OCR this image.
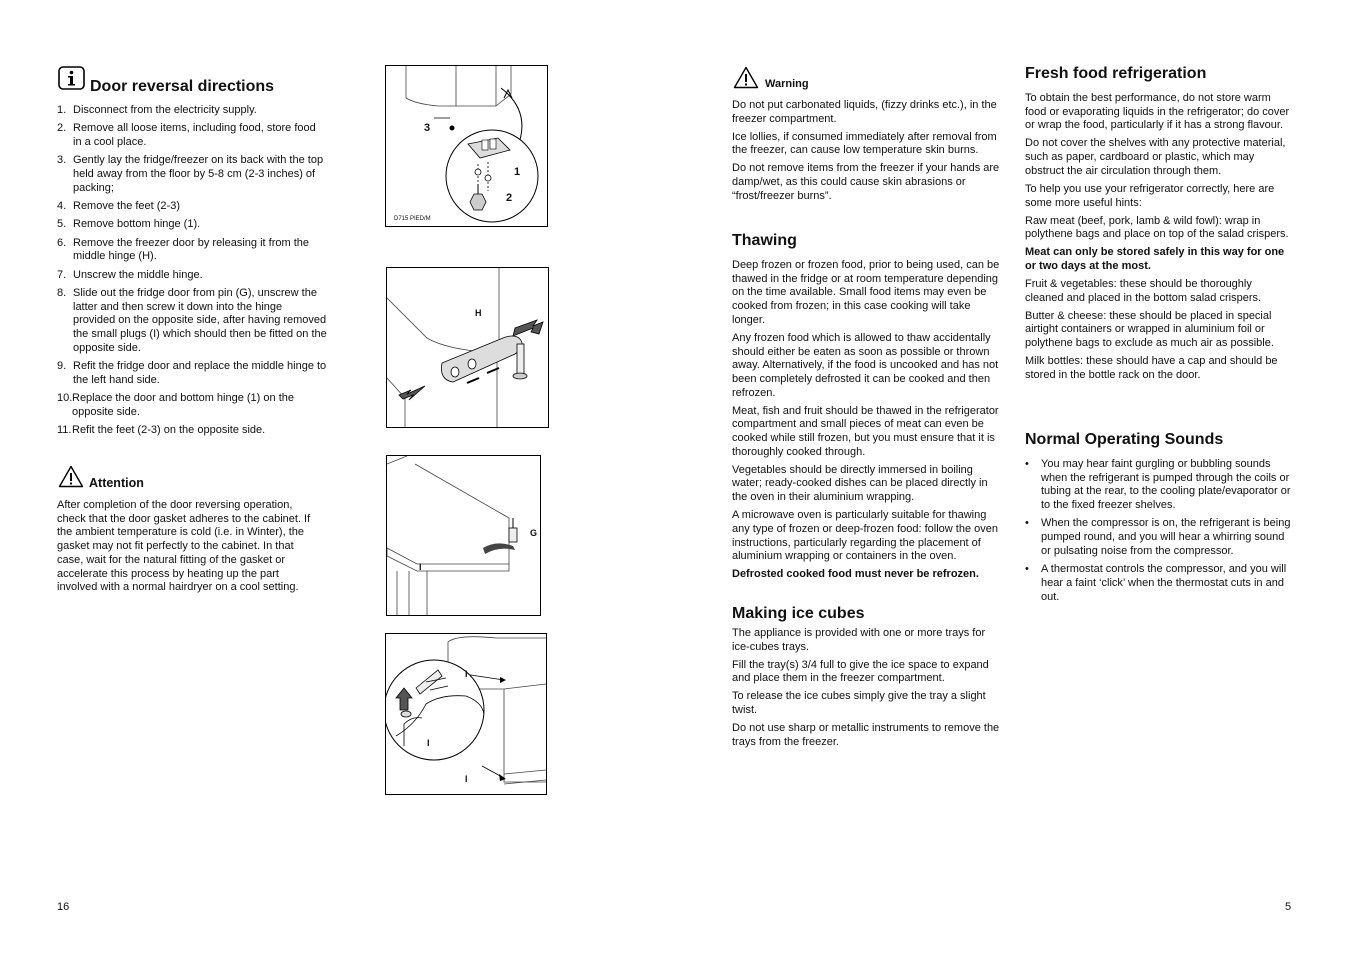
Door reversal directions
1. Disconnect from the electricity supply.
2. Remove all loose items, including food, store food in a cool place.
3. Gently lay the fridge/freezer on its back with the top held away from the floor by 5-8 cm (2-3 inches) of packing;
4. Remove the feet (2-3)
5. Remove bottom hinge (1).
6. Remove the freezer door by releasing it from the middle hinge (H).
7. Unscrew the middle hinge.
8. Slide out the fridge door from pin (G), unscrew the latter and then screw it down into the hinge provided on the opposite side, after having removed the small plugs (I) which should then be fitted on the opposite side.
9. Refit the fridge door and replace the middle hinge to the left hand side.
10. Replace the door and bottom hinge (1) on the opposite side.
11. Refit the feet (2-3) on the opposite side.
Attention

After completion of the door reversing operation, check that the door gasket adheres to the cabinet. If the ambient temperature is cold (i.e. in Winter), the gasket may not fit perfectly to the cabinet. In that case, wait for the natural fitting of the gasket or accelerate this process by heating up the part involved with a normal hairdryer on a cool setting.

3
1
2
D715 PIED/M
H
G
I
I
I
I
16
Warning

Do not put carbonated liquids, (fizzy drinks etc.), in the freezer compartment.

Ice lollies, if consumed immediately after removal from the freezer, can cause low temperature skin burns.

Do not remove items from the freezer if your hands are damp/wet, as this could cause skin abrasions or “frost/freezer burns”.

Thawing

Deep frozen or frozen food, prior to being used, can be thawed in the fridge or at room temperature depending on the time available. Small food items may even be cooked from frozen; in this case cooking will take longer.

Any frozen food which is allowed to thaw accidentally should either be eaten as soon as possible or thrown away. Alternatively, if the food is uncooked and has not been completely defrosted it can be cooked and then refrozen.

Meat, fish and fruit should be thawed in the refrigerator compartment and small pieces of meat can even be cooked while still frozen, but you must ensure that it is thoroughly cooked through.

Vegetables should be directly immersed in boiling water; ready-cooked dishes can be placed directly in the oven in their aluminium wrapping.

A microwave oven is particularly suitable for thawing any type of frozen or deep-frozen food: follow the oven instructions, particularly regarding the placement of aluminium wrapping or containers in the oven.

Defrosted cooked food must never be refrozen.

Making ice cubes

The appliance is provided with one or more trays for ice-cubes trays.

Fill the tray(s) 3/4 full to give the ice space to expand and place them in the freezer compartment.

To release the ice cubes simply give the tray a slight twist.

Do not use sharp or metallic instruments to remove the trays from the freezer.

Fresh food refrigeration

To obtain the best performance, do not store warm food or evaporating liquids in the refrigerator; do cover or wrap the food, particularly if it has a strong flavour.

Do not cover the shelves with any protective material, such as paper, cardboard or plastic, which may obstruct the air circulation through them.

To help you use your refrigerator correctly, here are some more useful hints:

Raw meat (beef, pork, lamb & wild fowl): wrap in polythene bags and place on top of the salad crispers.

Meat can only be stored safely in this way for one or two days at the most.

Fruit & vegetables: these should be thoroughly cleaned and placed in the bottom salad crispers.

Butter & cheese: these should be placed in special airtight containers or wrapped in aluminium foil or polythene bags to exclude as much air as possible.

Milk bottles: these should have a cap and should be stored in the bottle rack on the door.

Normal Operating Sounds
• You may hear faint gurgling or bubbling sounds when the refrigerant is pumped through the coils or tubing at the rear, to the cooling plate/evaporator or to the fixed freezer shelves.
• When the compressor is on, the refrigerant is being pumped round, and you will hear a whirring sound or pulsating noise from the compressor.
• A thermostat controls the compressor, and you will hear a faint ‘click’ when the thermostat cuts in and out.
5
